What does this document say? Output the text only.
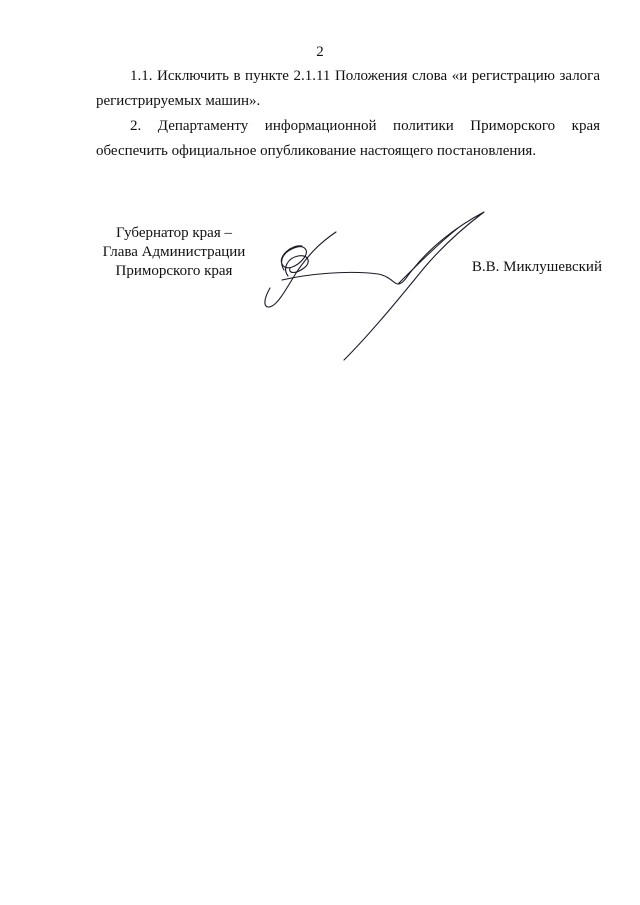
2

1.1. Исключить в пункте 2.1.11 Положения слова «и регистрацию залога регистрируемых машин».

2. Департаменту информационной политики Приморского края обеспечить официальное опубликование настоящего постановления.

Губернатор края –
Глава Администрации
Приморского края	В.В. Миклушевский
